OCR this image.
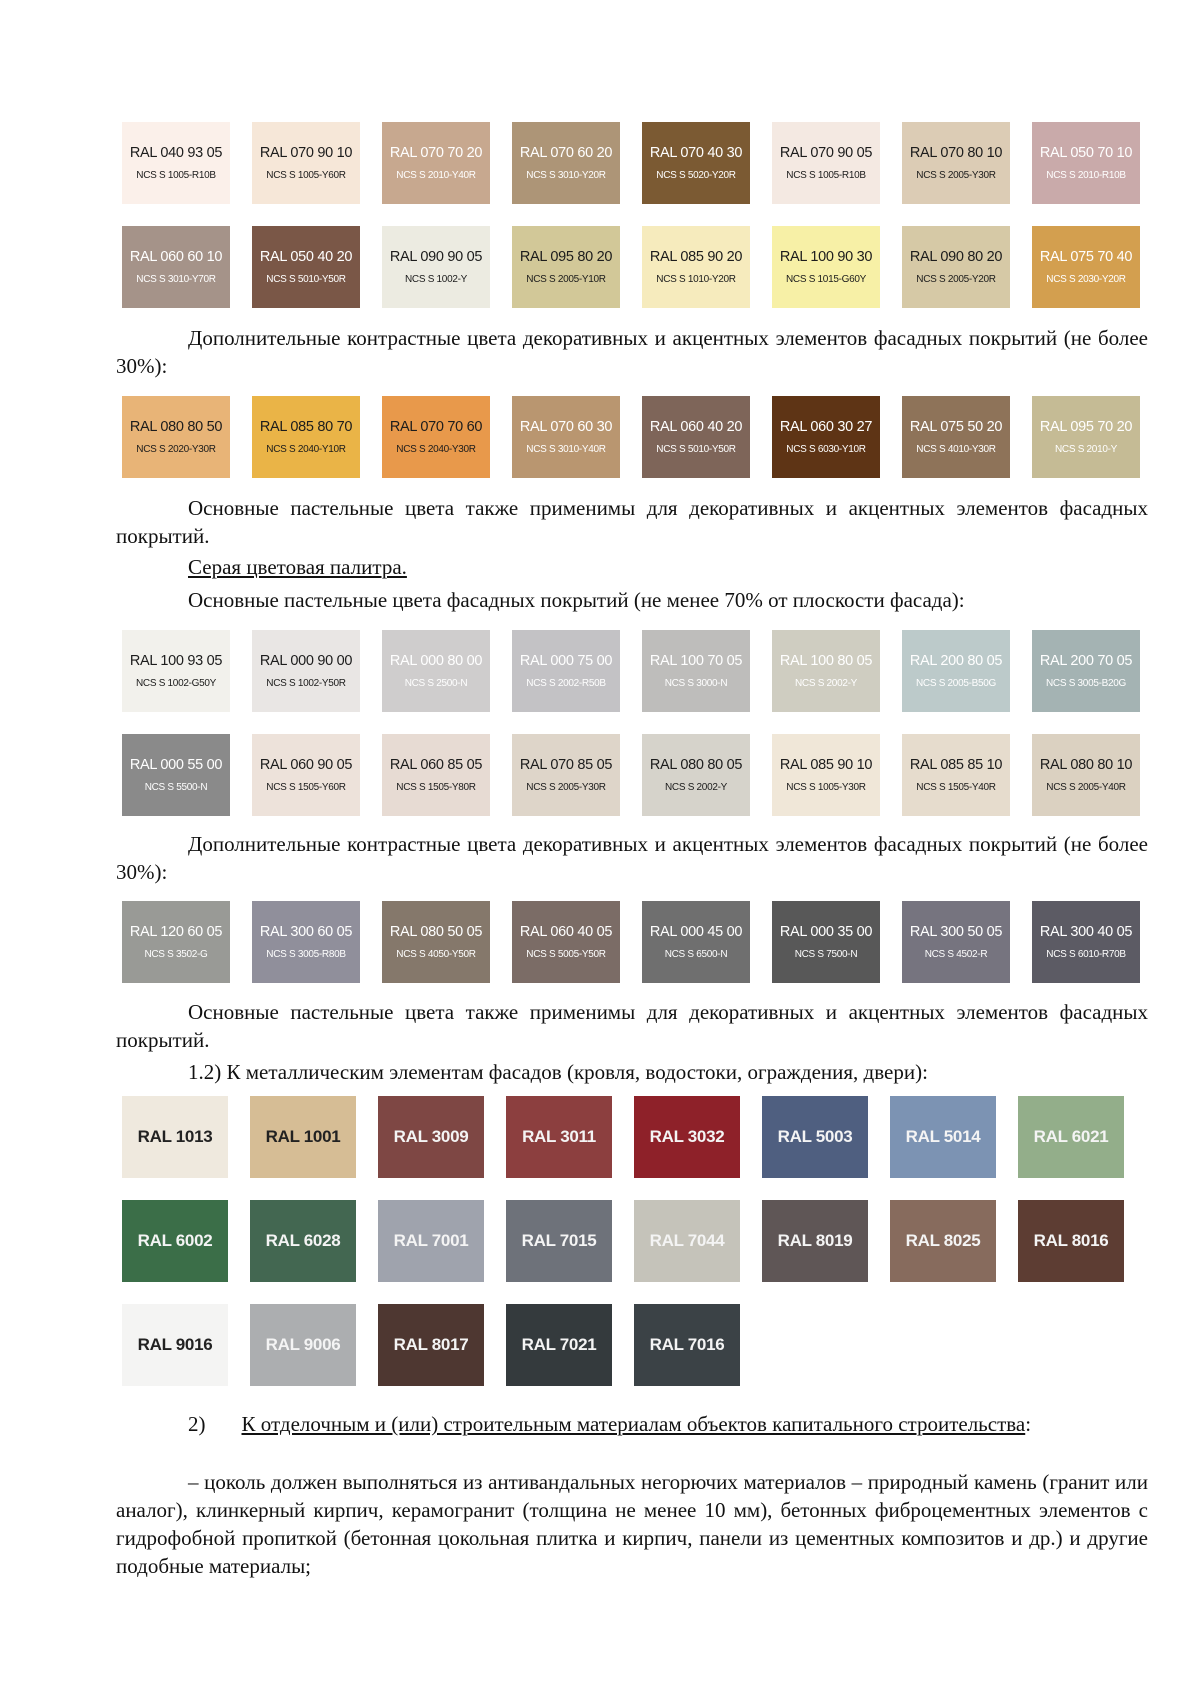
RAL 040 93 05
NCS S 1005-R10B
RAL 070 90 10
NCS S 1005-Y60R
RAL 070 70 20
NCS S 2010-Y40R
RAL 070 60 20
NCS S 3010-Y20R
RAL 070 40 30
NCS S 5020-Y20R
RAL 070 90 05
NCS S 1005-R10B
RAL 070 80 10
NCS S 2005-Y30R
RAL 050 70 10
NCS S 2010-R10B
RAL 060 60 10
NCS S 3010-Y70R
RAL 050 40 20
NCS S 5010-Y50R
RAL 090 90 05
NCS S 1002-Y
RAL 095 80 20
NCS S 2005-Y10R
RAL 085 90 20
NCS S 1010-Y20R
RAL 100 90 30
NCS S 1015-G60Y
RAL 090 80 20
NCS S 2005-Y20R
RAL 075 70 40
NCS S 2030-Y20R

Дополнительные контрастные цвета декоративных и акцентных элементов фасадных покрытий (не более 30%):

RAL 080 80 50
NCS S 2020-Y30R
RAL 085 80 70
NCS S 2040-Y10R
RAL 070 70 60
NCS S 2040-Y30R
RAL 070 60 30
NCS S 3010-Y40R
RAL 060 40 20
NCS S 5010-Y50R
RAL 060 30 27
NCS S 6030-Y10R
RAL 075 50 20
NCS S 4010-Y30R
RAL 095 70 20
NCS S 2010-Y

Основные пастельные цвета также применимы для декоративных и акцентных элементов фасадных покрытий.

Серая цветовая палитра.

Основные пастельные цвета фасадных покрытий (не менее 70% от плоскости фасада):

RAL 100 93 05
NCS S 1002-G50Y
RAL 000 90 00
NCS S 1002-Y50R
RAL 000 80 00
NCS S 2500-N
RAL 000 75 00
NCS S 2002-R50B
RAL 100 70 05
NCS S 3000-N
RAL 100 80 05
NCS S 2002-Y
RAL 200 80 05
NCS S 2005-B50G
RAL 200 70 05
NCS S 3005-B20G
RAL 000 55 00
NCS S 5500-N
RAL 060 90 05
NCS S 1505-Y60R
RAL 060 85 05
NCS S 1505-Y80R
RAL 070 85 05
NCS S 2005-Y30R
RAL 080 80 05
NCS S 2002-Y
RAL 085 90 10
NCS S 1005-Y30R
RAL 085 85 10
NCS S 1505-Y40R
RAL 080 80 10
NCS S 2005-Y40R

Дополнительные контрастные цвета декоративных и акцентных элементов фасадных покрытий (не более 30%):

RAL 120 60 05
NCS S 3502-G
RAL 300 60 05
NCS S 3005-R80B
RAL 080 50 05
NCS S 4050-Y50R
RAL 060 40 05
NCS S 5005-Y50R
RAL 000 45 00
NCS S 6500-N
RAL 000 35 00
NCS S 7500-N
RAL 300 50 05
NCS S 4502-R
RAL 300 40 05
NCS S 6010-R70B

Основные пастельные цвета также применимы для декоративных и акцентных элементов фасадных покрытий.

1.2) К металлическим элементам фасадов (кровля, водостоки, ограждения, двери):

RAL 1013	RAL 1001	RAL 3009	RAL 3011	RAL 3032	RAL 5003	RAL 5014	RAL 6021
RAL 6002	RAL 6028	RAL 7001	RAL 7015	RAL 7044	RAL 8019	RAL 8025	RAL 8016
RAL 9016	RAL 9006	RAL 8017	RAL 7021	RAL 7016

2) К отделочным и (или) строительным материалам объектов капитального строительства:

– цоколь должен выполняться из антивандальных негорючих материалов – природный камень (гранит или аналог), клинкерный кирпич, керамогранит (толщина не менее 10 мм), бетонных фиброцементных элементов с гидрофобной пропиткой (бетонная цокольная плитка и кирпич, панели из цементных композитов и др.) и другие подобные материалы;
